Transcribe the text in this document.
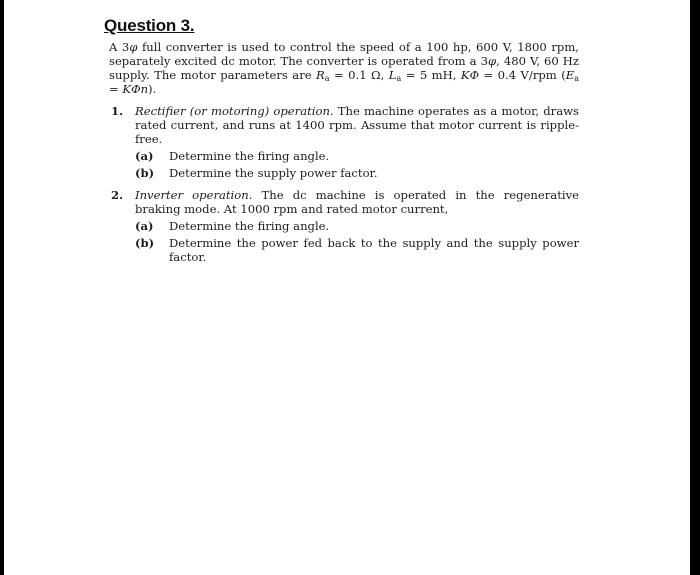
Question 3.

A 3φ full converter is used to control the speed of a 100 hp, 600 V, 1800 rpm, separately excited dc motor. The converter is operated from a 3φ, 480 V, 60 Hz supply. The motor parameters are $R_a = 0.1$ Ω, $L_a = 5$ mH, KΦ = 0.4 V/rpm $(E_a = K\Phi n)$.

1. Rectifier (or motoring) operation. The machine operates as a motor, draws rated current, and runs at 1400 rpm. Assume that motor current is ripple-free.
(a) Determine the firing angle.
(b) Determine the supply power factor.
2. Inverter operation. The dc machine is operated in the regenerative braking mode. At 1000 rpm and rated motor current,
(a) Determine the firing angle.
(b) Determine the power fed back to the supply and the supply power factor.
